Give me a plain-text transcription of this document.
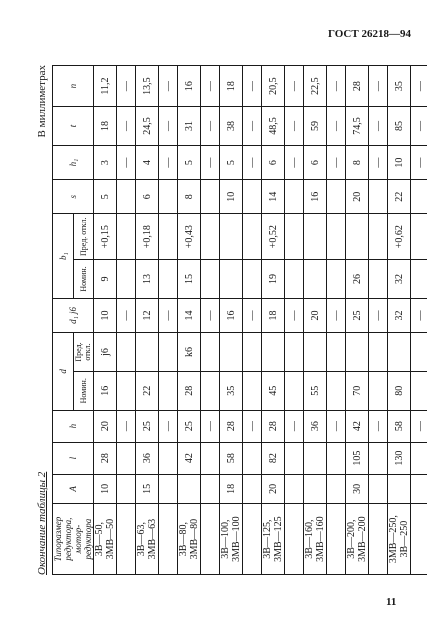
ГОСТ 26218—94
Окончание таблицы 2
В миллиметрах
Типоразмер редуктора, мотор-редуктора	A	l	h	d		d₁ j6	b₁		s	h₁	t	n
				Номин.	Пред. откл.		Номин.	Пред. откл.				
3В—50,
3МВ—50	10	28	20	16	j6	10	9	+0,15	5	3	18	11,2
			—			—				—	—	—
3В—63,
3МВ—63	15	36	25	22		12	13	+0,18	6	4	24,5	13,5
			—			—				—	—	—
3В—80,
3МВ—80		42	25	28	k6	14	15	+0,43	8	5	31	16
			—			—				—	—	—
3В—100,
3МВ—100	18	58	28	35		16			10	5	38	18
			—			—				—	—	—
3В—125,
3МВ—125	20	82	28	45		18	19	+0,52	14	6	48,5	20,5
			—			—				—	—	—
3В—160,
3МВ—160			36	55		20			16	6	59	22,5
			—			—				—	—	—
3В—200,
3МВ—200	30	105	42	70		25	26		20	8	74,5	28
			—			—				—	—	—
3МВ—250,
3В—250		130	58	80		32	32	+0,62	22	10	85	35
			—			—				—	—	—
11
